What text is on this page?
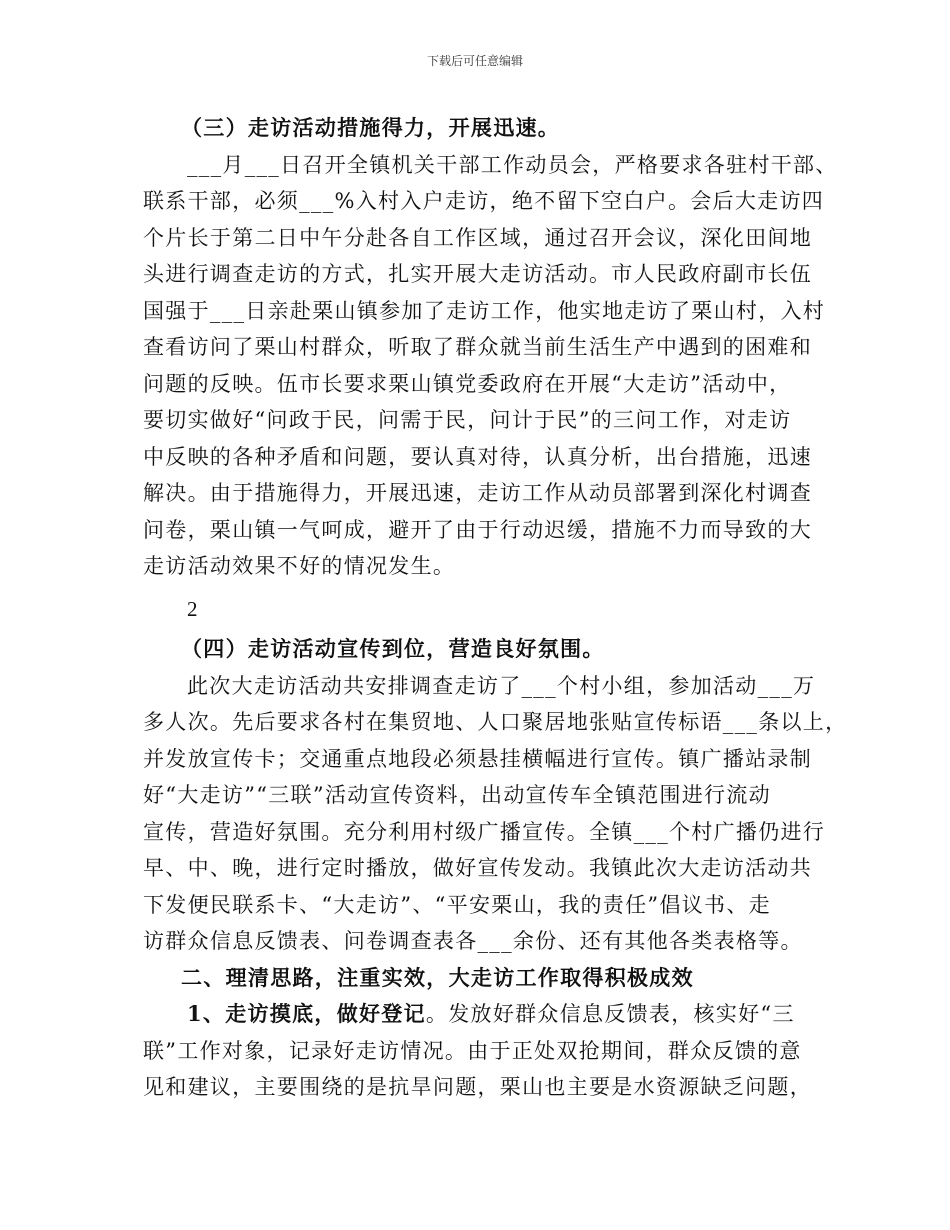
下载后可任意编辑
（三）走访活动措施得力，开展迅速。
___月___日召开全镇机关干部工作动员会，严格要求各驻村干部、
联系干部，必须___%入村入户走访，绝不留下空白户。会后大走访四
个片长于第二日中午分赴各自工作区域，通过召开会议，深化田间地
头进行调查走访的方式，扎实开展大走访活动。市人民政府副市长伍
国强于___日亲赴栗山镇参加了走访工作，他实地走访了栗山村，入村
查看访问了栗山村群众，听取了群众就当前生活生产中遇到的困难和
问题的反映。伍市长要求栗山镇党委政府在开展“大走访”活动中，
要切实做好“问政于民，问需于民，问计于民”的三问工作，对走访
中反映的各种矛盾和问题，要认真对待，认真分析，出台措施，迅速
解决。由于措施得力，开展迅速，走访工作从动员部署到深化村调查
问卷，栗山镇一气呵成，避开了由于行动迟缓，措施不力而导致的大
走访活动效果不好的情况发生。
2
（四）走访活动宣传到位，营造良好氛围。
此次大走访活动共安排调查走访了___个村小组，参加活动___万
多人次。先后要求各村在集贸地、人口聚居地张贴宣传标语___条以上，
并发放宣传卡；交通重点地段必须悬挂横幅进行宣传。镇广播站录制
好“大走访”“三联”活动宣传资料，出动宣传车全镇范围进行流动
宣传，营造好氛围。充分利用村级广播宣传。全镇___个村广播仍进行
早、中、晚，进行定时播放，做好宣传发动。我镇此次大走访活动共
下发便民联系卡、“大走访”、“平安栗山，我的责任”倡议书、走
访群众信息反馈表、问卷调查表各___余份、还有其他各类表格等。
二、理清思路，注重实效，大走访工作取得积极成效
1、走访摸底，做好登记。发放好群众信息反馈表，核实好“三
联”工作对象，记录好走访情况。由于正处双抢期间，群众反馈的意
见和建议，主要围绕的是抗旱问题，栗山也主要是水资源缺乏问题，
